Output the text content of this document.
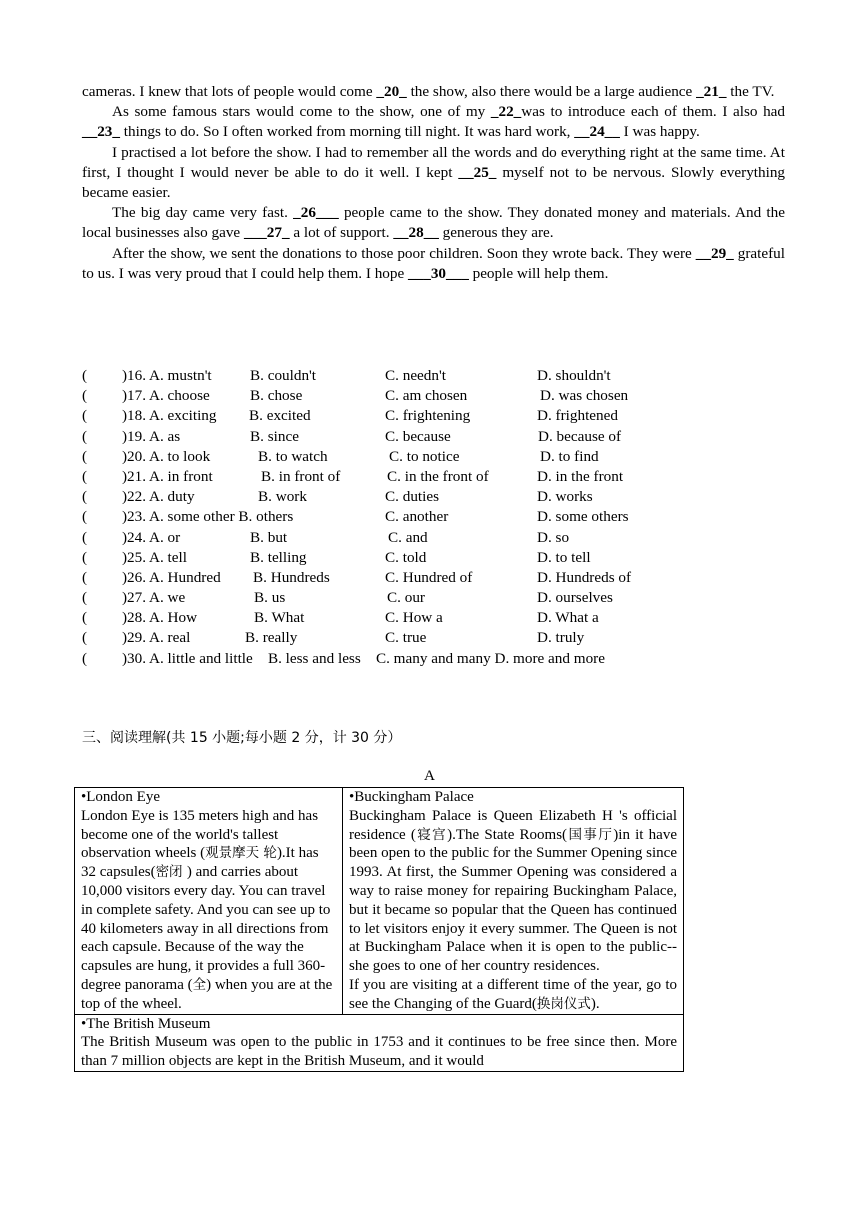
cameras. I knew that lots of people would come _20_ the show, also there would be a large audience _21_ the TV.

As some famous stars would come to the show, one of my _22_was to introduce each of them. I also had __23_ things to do. So I often worked from morning till night. It was hard work, __24__ I was happy.

I practised a lot before the show. I had to remember all the words and do everything right at the same time. At first, I thought I would never be able to do it well. I kept __25_ myself not to be nervous. Slowly everything became easier.

The big day came very fast. _26___ people came to the show. They donated money and materials. And the local businesses also gave ___27_ a lot of support. __28__ generous they are.

After the show, we sent the donations to those poor children. Soon they wrote back. They were __29_ grateful to us. I was very proud that I could help them. I hope ___30___ people will help them.

( )16. A. mustn't	B. couldn't	C. needn't	D. shouldn't
( )17. A. choose	B. chose	C. am chosen	D. was chosen
( )18. A. exciting B. excited	C. frightening	D. frightened
( )19. A. as	B. since	C. because	D. because of
( )20. A. to look	B. to watch	C. to notice	D. to find
( )21. A. in front	B. in front of	C. in the front of	D. in the front
( )22. A. duty	B. work	C. duties	D. works
( )23. A. some other B. others	C. another	D. some others
( )24. A. or	B. but	C. and	D. so
( )25. A. tell	B. telling	C. told	D. to tell
( )26. A. Hundred B. Hundreds	C. Hundred of	D. Hundreds of
( )27. A. we	B. us	C. our	D. ourselves
( )28. A. How	B. What	C. How a	D. What a
( )29. A. real	B. really	C. true	D. truly
( )30. A. little and little    B. less and less    C. many and many D. more and more
三、阅读理解(共 15 小题;每小题 2 分，计 30 分）
A
•London Eye
London Eye is 135 meters high and has become one of the world's tallest observation wheels (观景摩天 轮).It has 32 capsules(密闭 ) and carries about 10,000 visitors every day. You can travel in complete safety. And you can see up to 40 kilometers away in all directions from each capsule. Because of the way the capsules are hung, it provides a full 360- degree panorama (全) when you are at the top of the wheel.

•Buckingham Palace
Buckingham Palace is Queen Elizabeth H 's official residence (寝宫).The State Rooms(国事厅)in it have been open to the public for the Summer Opening since 1993. At first, the Summer Opening was considered a way to raise money for repairing Buckingham Palace, but it became so popular that the Queen has continued to let visitors enjoy it every summer. The Queen is not at Buckingham Palace when it is open to the public--she goes to one of her country residences.
If you are visiting at a different time of the year, go to see the Changing of the Guard(换岗仪式).

•The British Museum
The British Museum was open to the public in 1753 and it continues to be free since then. More than 7 million objects are kept in the British Museum, and it would
